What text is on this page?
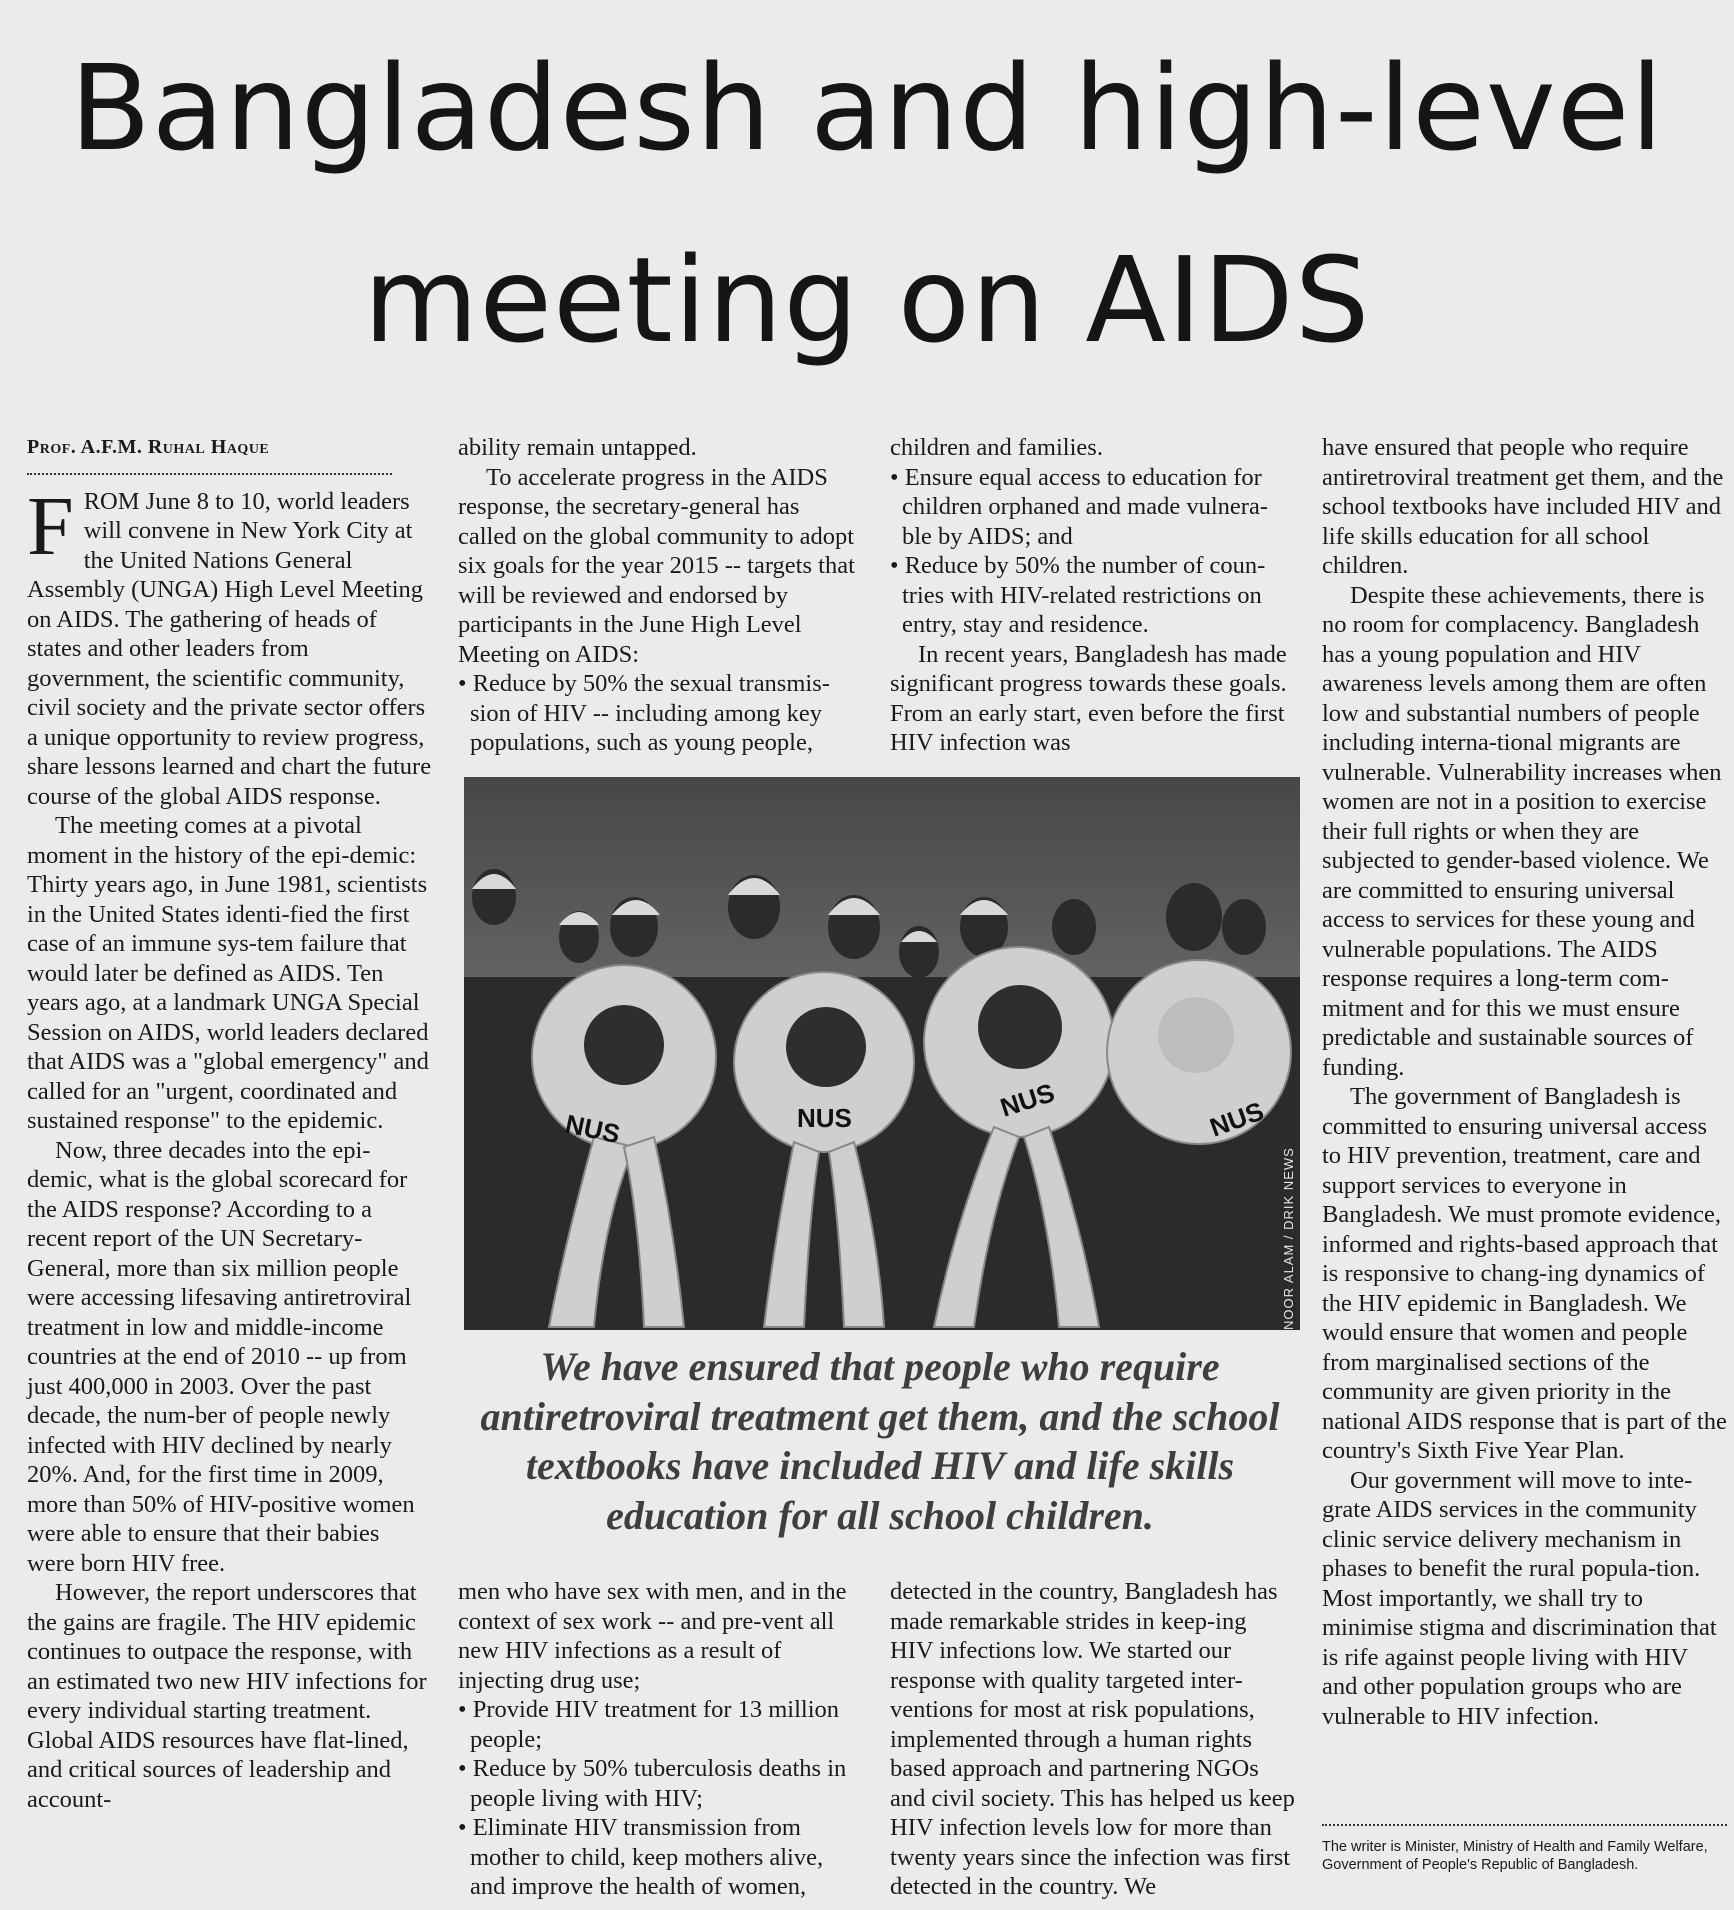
Bangladesh and high-level
meeting on AIDS
Prof. A.F.M. Ruhal Haque

FROM June 8 to 10, world leaders will convene in New York City at the United Nations General Assembly (UNGA) High Level Meeting on AIDS. The gathering of heads of states and other leaders from government, the scientific community, civil society and the private sector offers a unique opportunity to review progress, share lessons learned and chart the future course of the global AIDS response.

The meeting comes at a pivotal moment in the history of the epi-demic: Thirty years ago, in June 1981, scientists in the United States identi-fied the first case of an immune sys-tem failure that would later be defined as AIDS. Ten years ago, at a landmark UNGA Special Session on AIDS, world leaders declared that AIDS was a "global emergency" and called for an "urgent, coordinated and sustained response" to the epidemic.

Now, three decades into the epi-demic, what is the global scorecard for the AIDS response? According to a recent report of the UN Secretary-General, more than six million people were accessing lifesaving antiretroviral treatment in low and middle-income countries at the end of 2010 -- up from just 400,000 in 2003. Over the past decade, the num-ber of people newly infected with HIV declined by nearly 20%. And, for the first time in 2009, more than 50% of HIV-positive women were able to ensure that their babies were born HIV free.

However, the report underscores that the gains are fragile. The HIV epidemic continues to outpace the response, with an estimated two new HIV infections for every individual starting treatment. Global AIDS resources have flat-lined, and critical sources of leadership and account-

ability remain untapped.

To accelerate progress in the AIDS response, the secretary-general has called on the global community to adopt six goals for the year 2015 -- targets that will be reviewed and endorsed by participants in the June High Level Meeting on AIDS:

• Reduce by 50% the sexual transmis-sion of HIV -- including among key populations, such as young people,

children and families.

• Ensure equal access to education for children orphaned and made vulnera-ble by AIDS; and

• Reduce by 50% the number of coun-tries with HIV-related restrictions on entry, stay and residence.

In recent years, Bangladesh has made significant progress towards these goals. From an early start, even before the first HIV infection was

NUS	NUS	NUS	NUS
NOOR ALAM / DRIK NEWS
We have ensured that people who require antiretroviral treatment get them, and the school textbooks have included HIV and life skills education for all school children.

men who have sex with men, and in the context of sex work -- and pre-vent all new HIV infections as a result of injecting drug use;

• Provide HIV treatment for 13 million people;

• Reduce by 50% tuberculosis deaths in people living with HIV;

• Eliminate HIV transmission from mother to child, keep mothers alive, and improve the health of women,

detected in the country, Bangladesh has made remarkable strides in keep-ing HIV infections low. We started our response with quality targeted inter-ventions for most at risk populations, implemented through a human rights based approach and partnering NGOs and civil society. This has helped us keep HIV infection levels low for more than twenty years since the infection was first detected in the country. We

have ensured that people who require antiretroviral treatment get them, and the school textbooks have included HIV and life skills education for all school children.

Despite these achievements, there is no room for complacency. Bangladesh has a young population and HIV awareness levels among them are often low and substantial numbers of people including interna-tional migrants are vulnerable. Vulnerability increases when women are not in a position to exercise their full rights or when they are subjected to gender-based violence. We are committed to ensuring universal access to services for these young and vulnerable populations. The AIDS response requires a long-term com-mitment and for this we must ensure predictable and sustainable sources of funding.

The government of Bangladesh is committed to ensuring universal access to HIV prevention, treatment, care and support services to everyone in Bangladesh. We must promote evidence, informed and rights-based approach that is responsive to chang-ing dynamics of the HIV epidemic in Bangladesh. We would ensure that women and people from marginalised sections of the community are given priority in the national AIDS response that is part of the country's Sixth Five Year Plan.

Our government will move to inte-grate AIDS services in the community clinic service delivery mechanism in phases to benefit the rural popula-tion. Most importantly, we shall try to minimise stigma and discrimination that is rife against people living with HIV and other population groups who are vulnerable to HIV infection.

The writer is Minister, Ministry of Health and Family Welfare, Government of People's Republic of Bangladesh.
